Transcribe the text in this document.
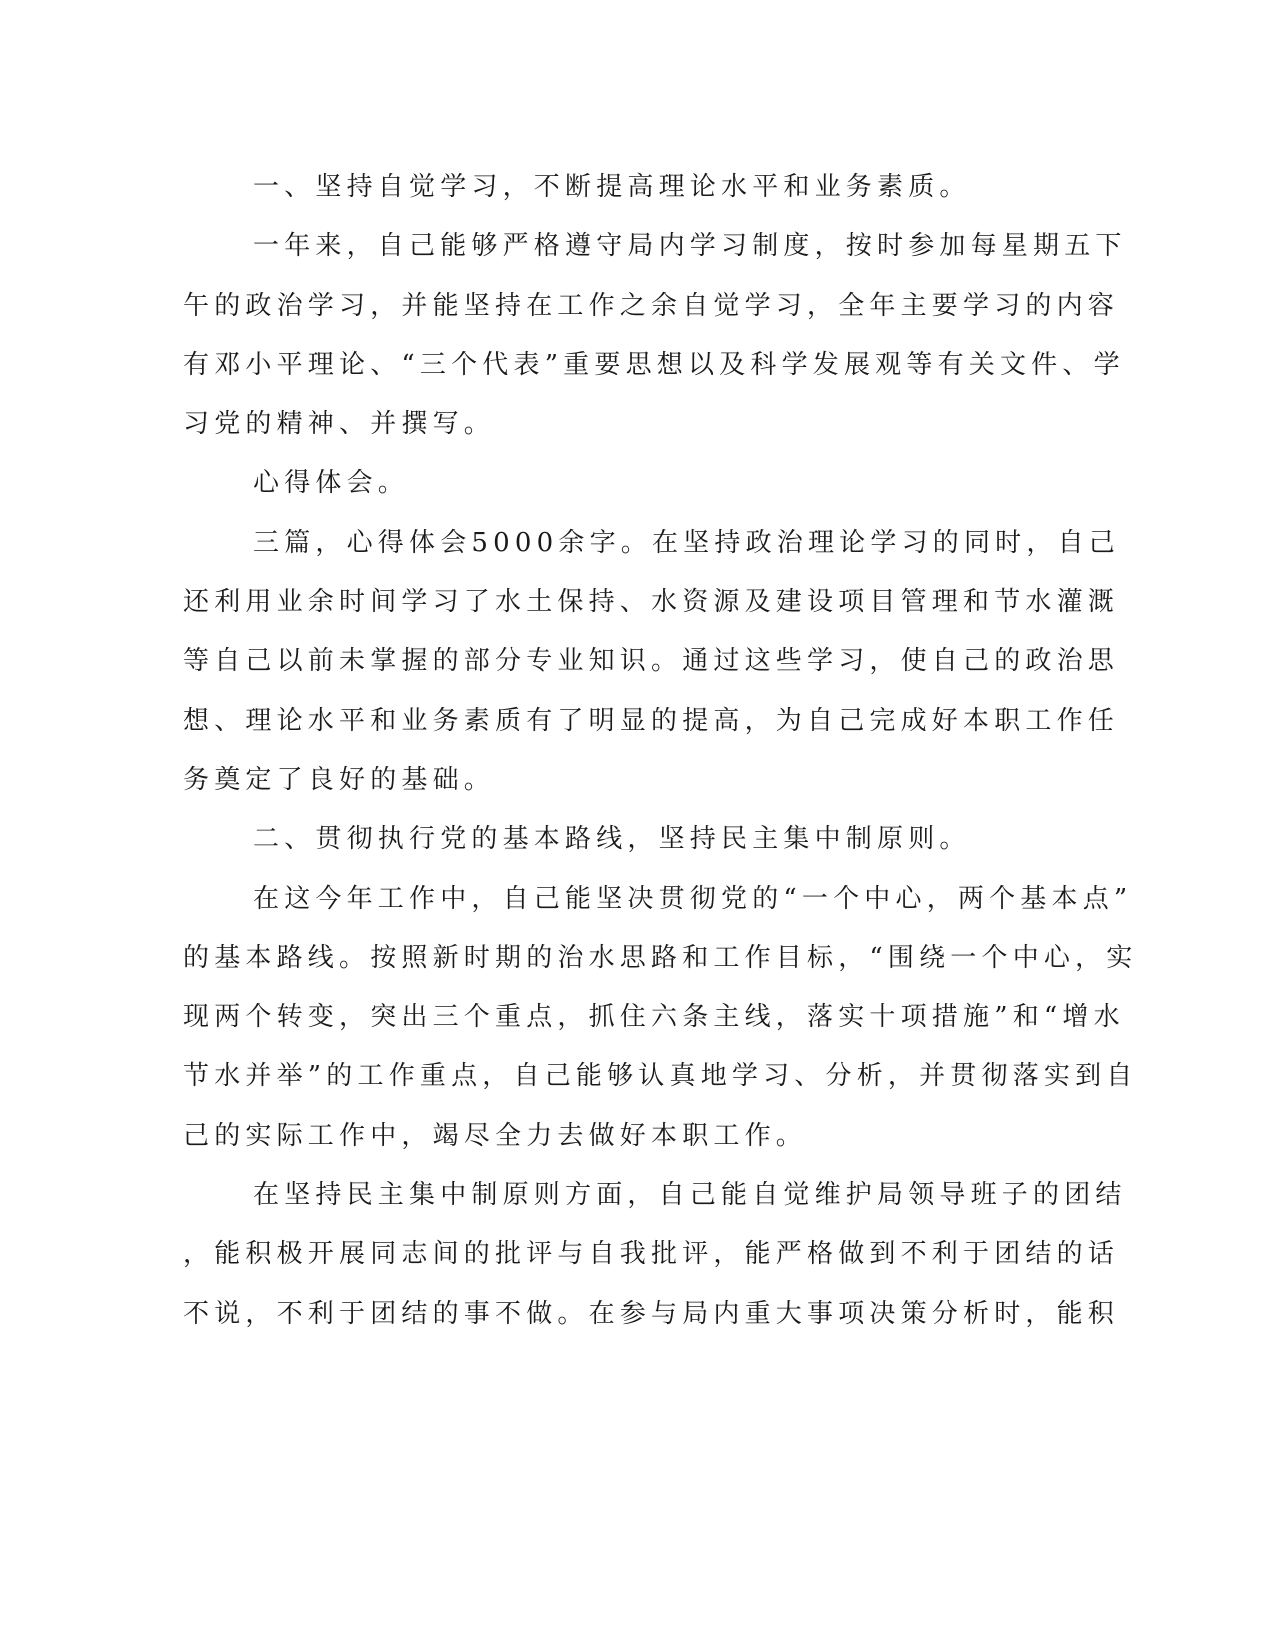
一、坚持自觉学习，不断提高理论水平和业务素质。
一年来，自己能够严格遵守局内学习制度，按时参加每星期五下
午的政治学习，并能坚持在工作之余自觉学习，全年主要学习的内容
有邓小平理论、“三个代表”重要思想以及科学发展观等有关文件、学
习党的精神、并撰写。
心得体会。
三篇，心得体会5000余字。在坚持政治理论学习的同时，自己
还利用业余时间学习了水土保持、水资源及建设项目管理和节水灌溉
等自己以前未掌握的部分专业知识。通过这些学习，使自己的政治思
想、理论水平和业务素质有了明显的提高，为自己完成好本职工作任
务奠定了良好的基础。
二、贯彻执行党的基本路线，坚持民主集中制原则。
在这今年工作中，自己能坚决贯彻党的“一个中心，两个基本点”
的基本路线。按照新时期的治水思路和工作目标，“围绕一个中心，实
现两个转变，突出三个重点，抓住六条主线，落实十项措施”和“增水
节水并举”的工作重点，自己能够认真地学习、分析，并贯彻落实到自
己的实际工作中，竭尽全力去做好本职工作。
在坚持民主集中制原则方面，自己能自觉维护局领导班子的团结
，能积极开展同志间的批评与自我批评，能严格做到不利于团结的话
不说，不利于团结的事不做。在参与局内重大事项决策分析时，能积
